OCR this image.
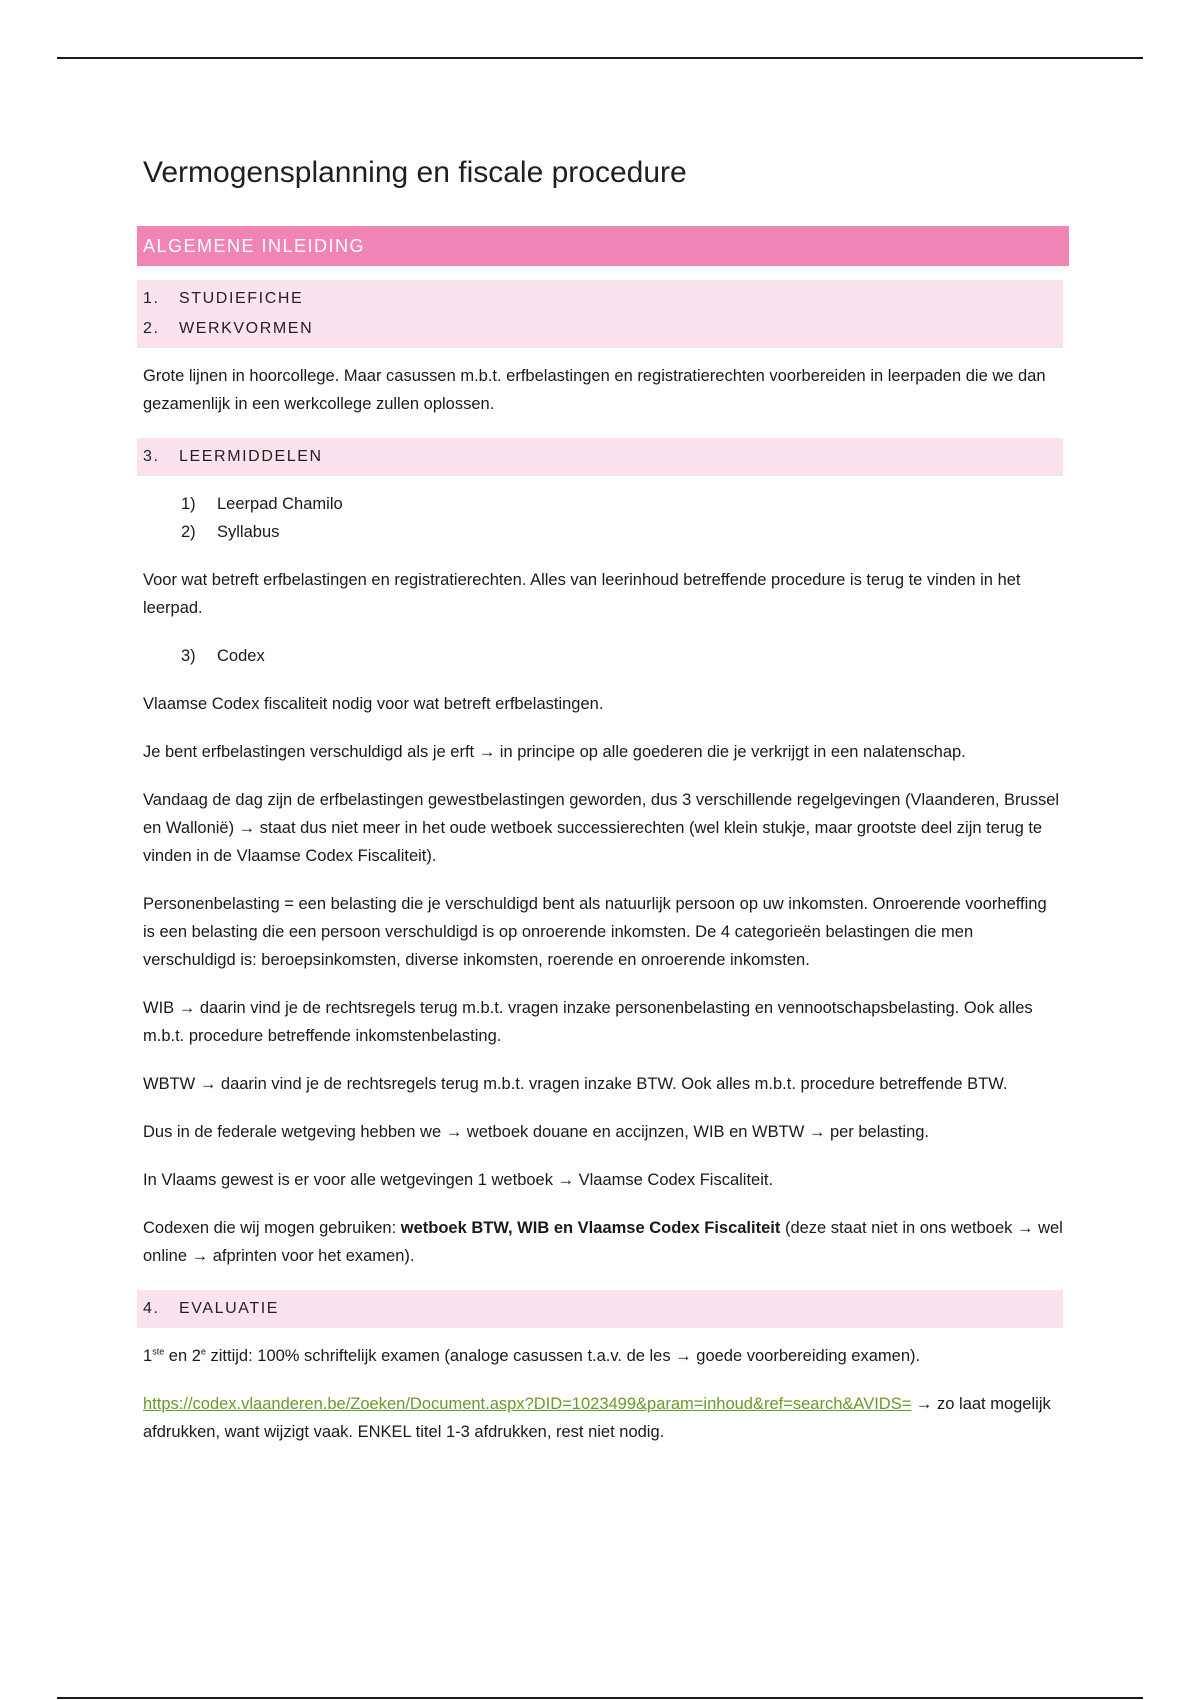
Vermogensplanning en fiscale procedure
ALGEMENE INLEIDING
1. STUDIEFICHE
2. WERKVORMEN

Grote lijnen in hoorcollege. Maar casussen m.b.t. erfbelastingen en registratierechten voorbereiden in leerpaden die we dan gezamenlijk in een werkcollege zullen oplossen.

3. LEERMIDDELEN
1) Leerpad Chamilo
2) Syllabus

Voor wat betreft erfbelastingen en registratierechten. Alles van leerinhoud betreffende procedure is terug te vinden in het leerpad.

3) Codex

Vlaamse Codex fiscaliteit nodig voor wat betreft erfbelastingen.

Je bent erfbelastingen verschuldigd als je erft → in principe op alle goederen die je verkrijgt in een nalatenschap.

Vandaag de dag zijn de erfbelastingen gewestbelastingen geworden, dus 3 verschillende regelgevingen (Vlaanderen, Brussel en Wallonië) → staat dus niet meer in het oude wetboek successierechten (wel klein stukje, maar grootste deel zijn terug te vinden in de Vlaamse Codex Fiscaliteit).

Personenbelasting = een belasting die je verschuldigd bent als natuurlijk persoon op uw inkomsten. Onroerende voorheffing is een belasting die een persoon verschuldigd is op onroerende inkomsten. De 4 categorieën belastingen die men verschuldigd is: beroepsinkomsten, diverse inkomsten, roerende en onroerende inkomsten.

WIB → daarin vind je de rechtsregels terug m.b.t. vragen inzake personenbelasting en vennootschapsbelasting. Ook alles m.b.t. procedure betreffende inkomstenbelasting.

WBTW → daarin vind je de rechtsregels terug m.b.t. vragen inzake BTW. Ook alles m.b.t. procedure betreffende BTW.

Dus in de federale wetgeving hebben we → wetboek douane en accijnzen, WIB en WBTW → per belasting.

In Vlaams gewest is er voor alle wetgevingen 1 wetboek → Vlaamse Codex Fiscaliteit.

Codexen die wij mogen gebruiken: wetboek BTW, WIB en Vlaamse Codex Fiscaliteit (deze staat niet in ons wetboek → wel online → afprinten voor het examen).

4. EVALUATIE

1ste en 2e zittijd: 100% schriftelijk examen (analoge casussen t.a.v. de les → goede voorbereiding examen).

https://codex.vlaanderen.be/Zoeken/Document.aspx?DID=1023499&param=inhoud&ref=search&AVIDS= → zo laat mogelijk afdrukken, want wijzigt vaak. ENKEL titel 1-3 afdrukken, rest niet nodig.
